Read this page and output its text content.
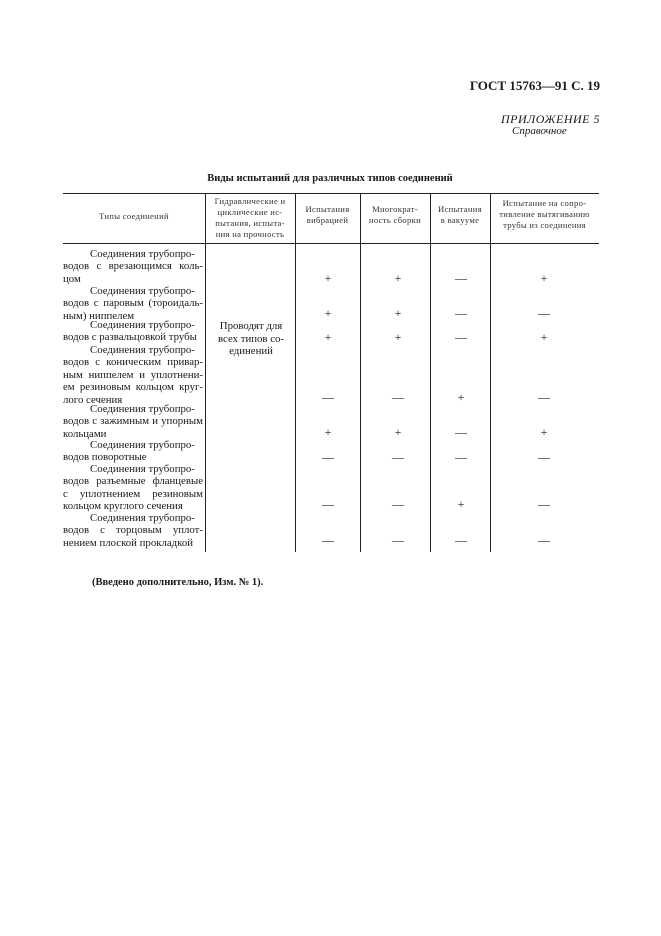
ГОСТ 15763—91 С. 19
ПРИЛОЖЕНИЕ 5
Справочное
Виды испытаний для различных типов соединений
Типы соединений
Гидравлические и
циклические ис-
пытания, испыта-
ния на прочность
Испытания
вибрацией
Многократ-
ность сборки
Испытания
в вакууме
Испытание на сопро-
тивление вытягиванию
трубы из соединения
Проводят для
всех типов со-
единений
Соединения трубопро-
водов с врезающимся коль-
цом	+	+	—	+
Соединения трубопро-
водов с паровым (тороидаль-
ным) ниппелем	+	+	—	—
Соединения трубопро-
водов с развальцовкой трубы	+	+	—	+
Соединения трубопро-
водов с коническим привар-
ным ниппелем и уплотнени-
ем резиновым кольцом круг-
лого сечения	—	—	+	—
Соединения трубопро-
водов с зажимным и упорным
кольцами	+	+	—	+
Соединения трубопро-
водов поворотные	—	—	—	—
Соединения трубопро-
водов разъемные фланцевые
с уплотнением резиновым
кольцом круглого сечения	—	—	+	—
Соединения трубопро-
водов с торцовым уплот-
нением плоской прокладкой	—	—	—	—
(Введено дополнительно, Изм. № 1).
